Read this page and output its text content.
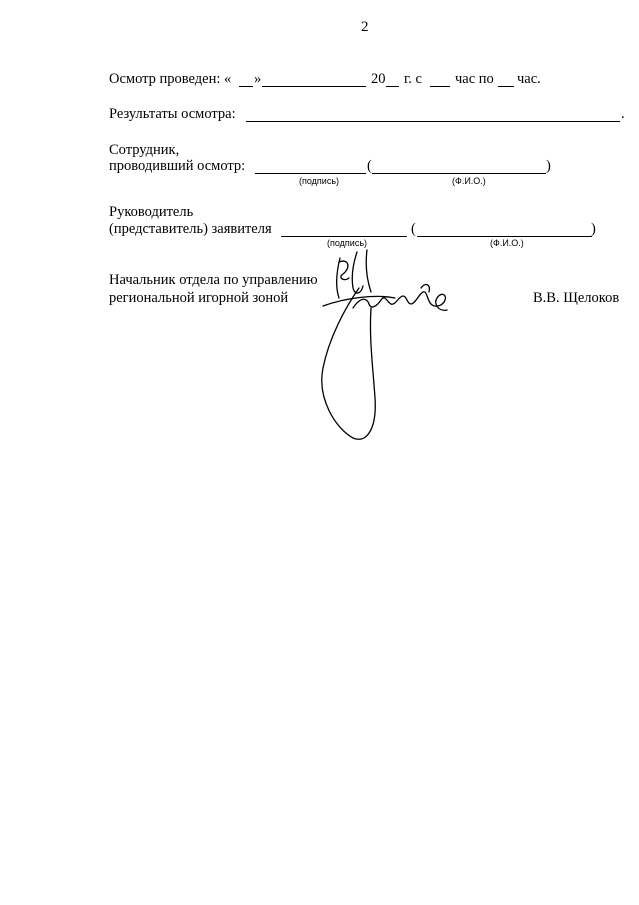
2
Осмотр проведен: « »	20 г. с час по час.
Результаты осмотра:	.
Сотрудник,
проводивший осмотр:	(	)
(подпись)	(Ф.И.О.)
Руководитель
(представитель) заявителя	(	)
(подпись)	(Ф.И.О.)
Начальник отдела по управлению
региональной игорной зоной	В.В. Щелоков
